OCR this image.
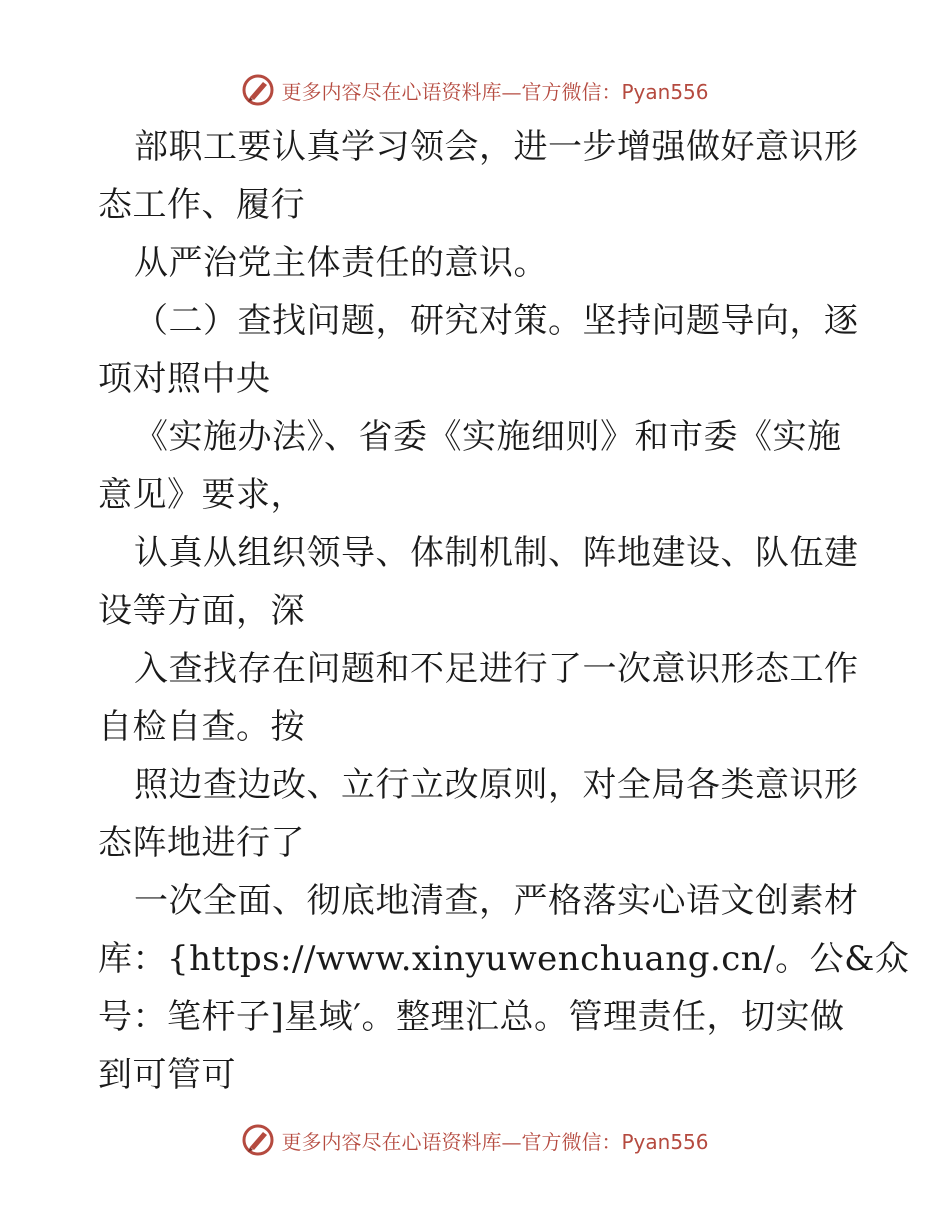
更多内容尽在心语资料库—官方微信：Pyan556
部职工要认真学习领会，进一步增强做好意识形
态工作、履行
从严治党主体责任的意识。
（二）查找问题，研究对策。坚持问题导向，逐
项对照中央
《实施办法》、省委《实施细则》和市委《实施
意见》要求，
认真从组织领导、体制机制、阵地建设、队伍建
设等方面，深
入查找存在问题和不足进行了一次意识形态工作
自检自查。按
照边查边改、立行立改原则，对全局各类意识形
态阵地进行了
一次全面、彻底地清查，严格落实心语文创素材
库：{https://www.xinyuwenchuang.cn/。公&众
号：笔杆子]星域′。整理汇总。管理责任，切实做
到可管可
更多内容尽在心语资料库—官方微信：Pyan556
